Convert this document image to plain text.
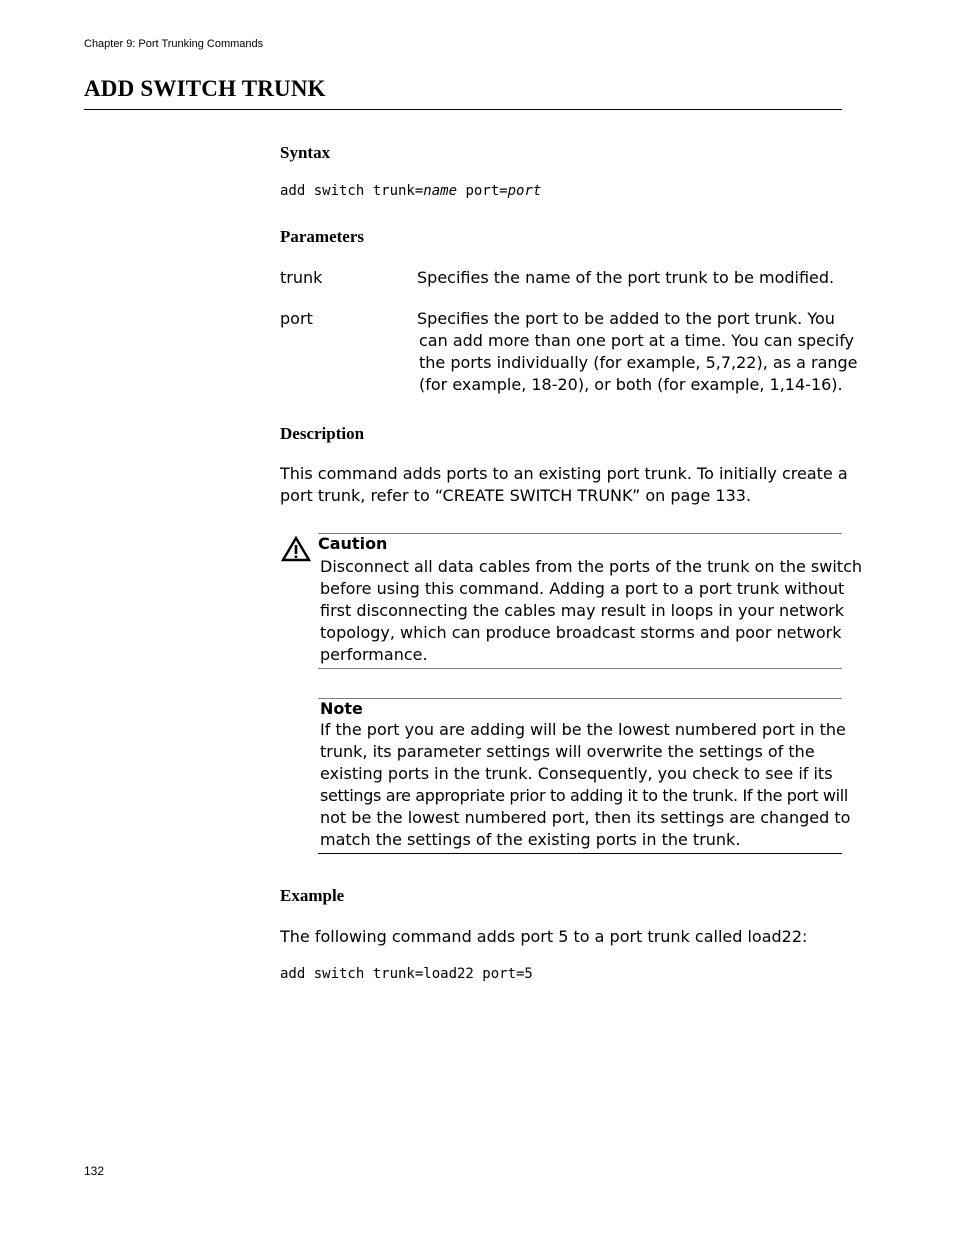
Chapter 9: Port Trunking Commands
ADD SWITCH TRUNK
Syntax
add switch trunk=name port=port
Parameters
trunk	Specifies the name of the port trunk to be modified.
port	Specifies the port to be added to the port trunk. You
can add more than one port at a time. You can specify
the ports individually (for example, 5,7,22), as a range
(for example, 18-20), or both (for example, 1,14-16).
Description
This command adds ports to an existing port trunk. To initially create a
port trunk, refer to “CREATE SWITCH TRUNK” on page 133.
Caution
Disconnect all data cables from the ports of the trunk on the switch
before using this command. Adding a port to a port trunk without
first disconnecting the cables may result in loops in your network
topology, which can produce broadcast storms and poor network
performance.
Note
If the port you are adding will be the lowest numbered port in the
trunk, its parameter settings will overwrite the settings of the
existing ports in the trunk. Consequently, you check to see if its
settings are appropriate prior to adding it to the trunk. If the port will
not be the lowest numbered port, then its settings are changed to
match the settings of the existing ports in the trunk.
Example
The following command adds port 5 to a port trunk called load22:
add switch trunk=load22 port=5
132
